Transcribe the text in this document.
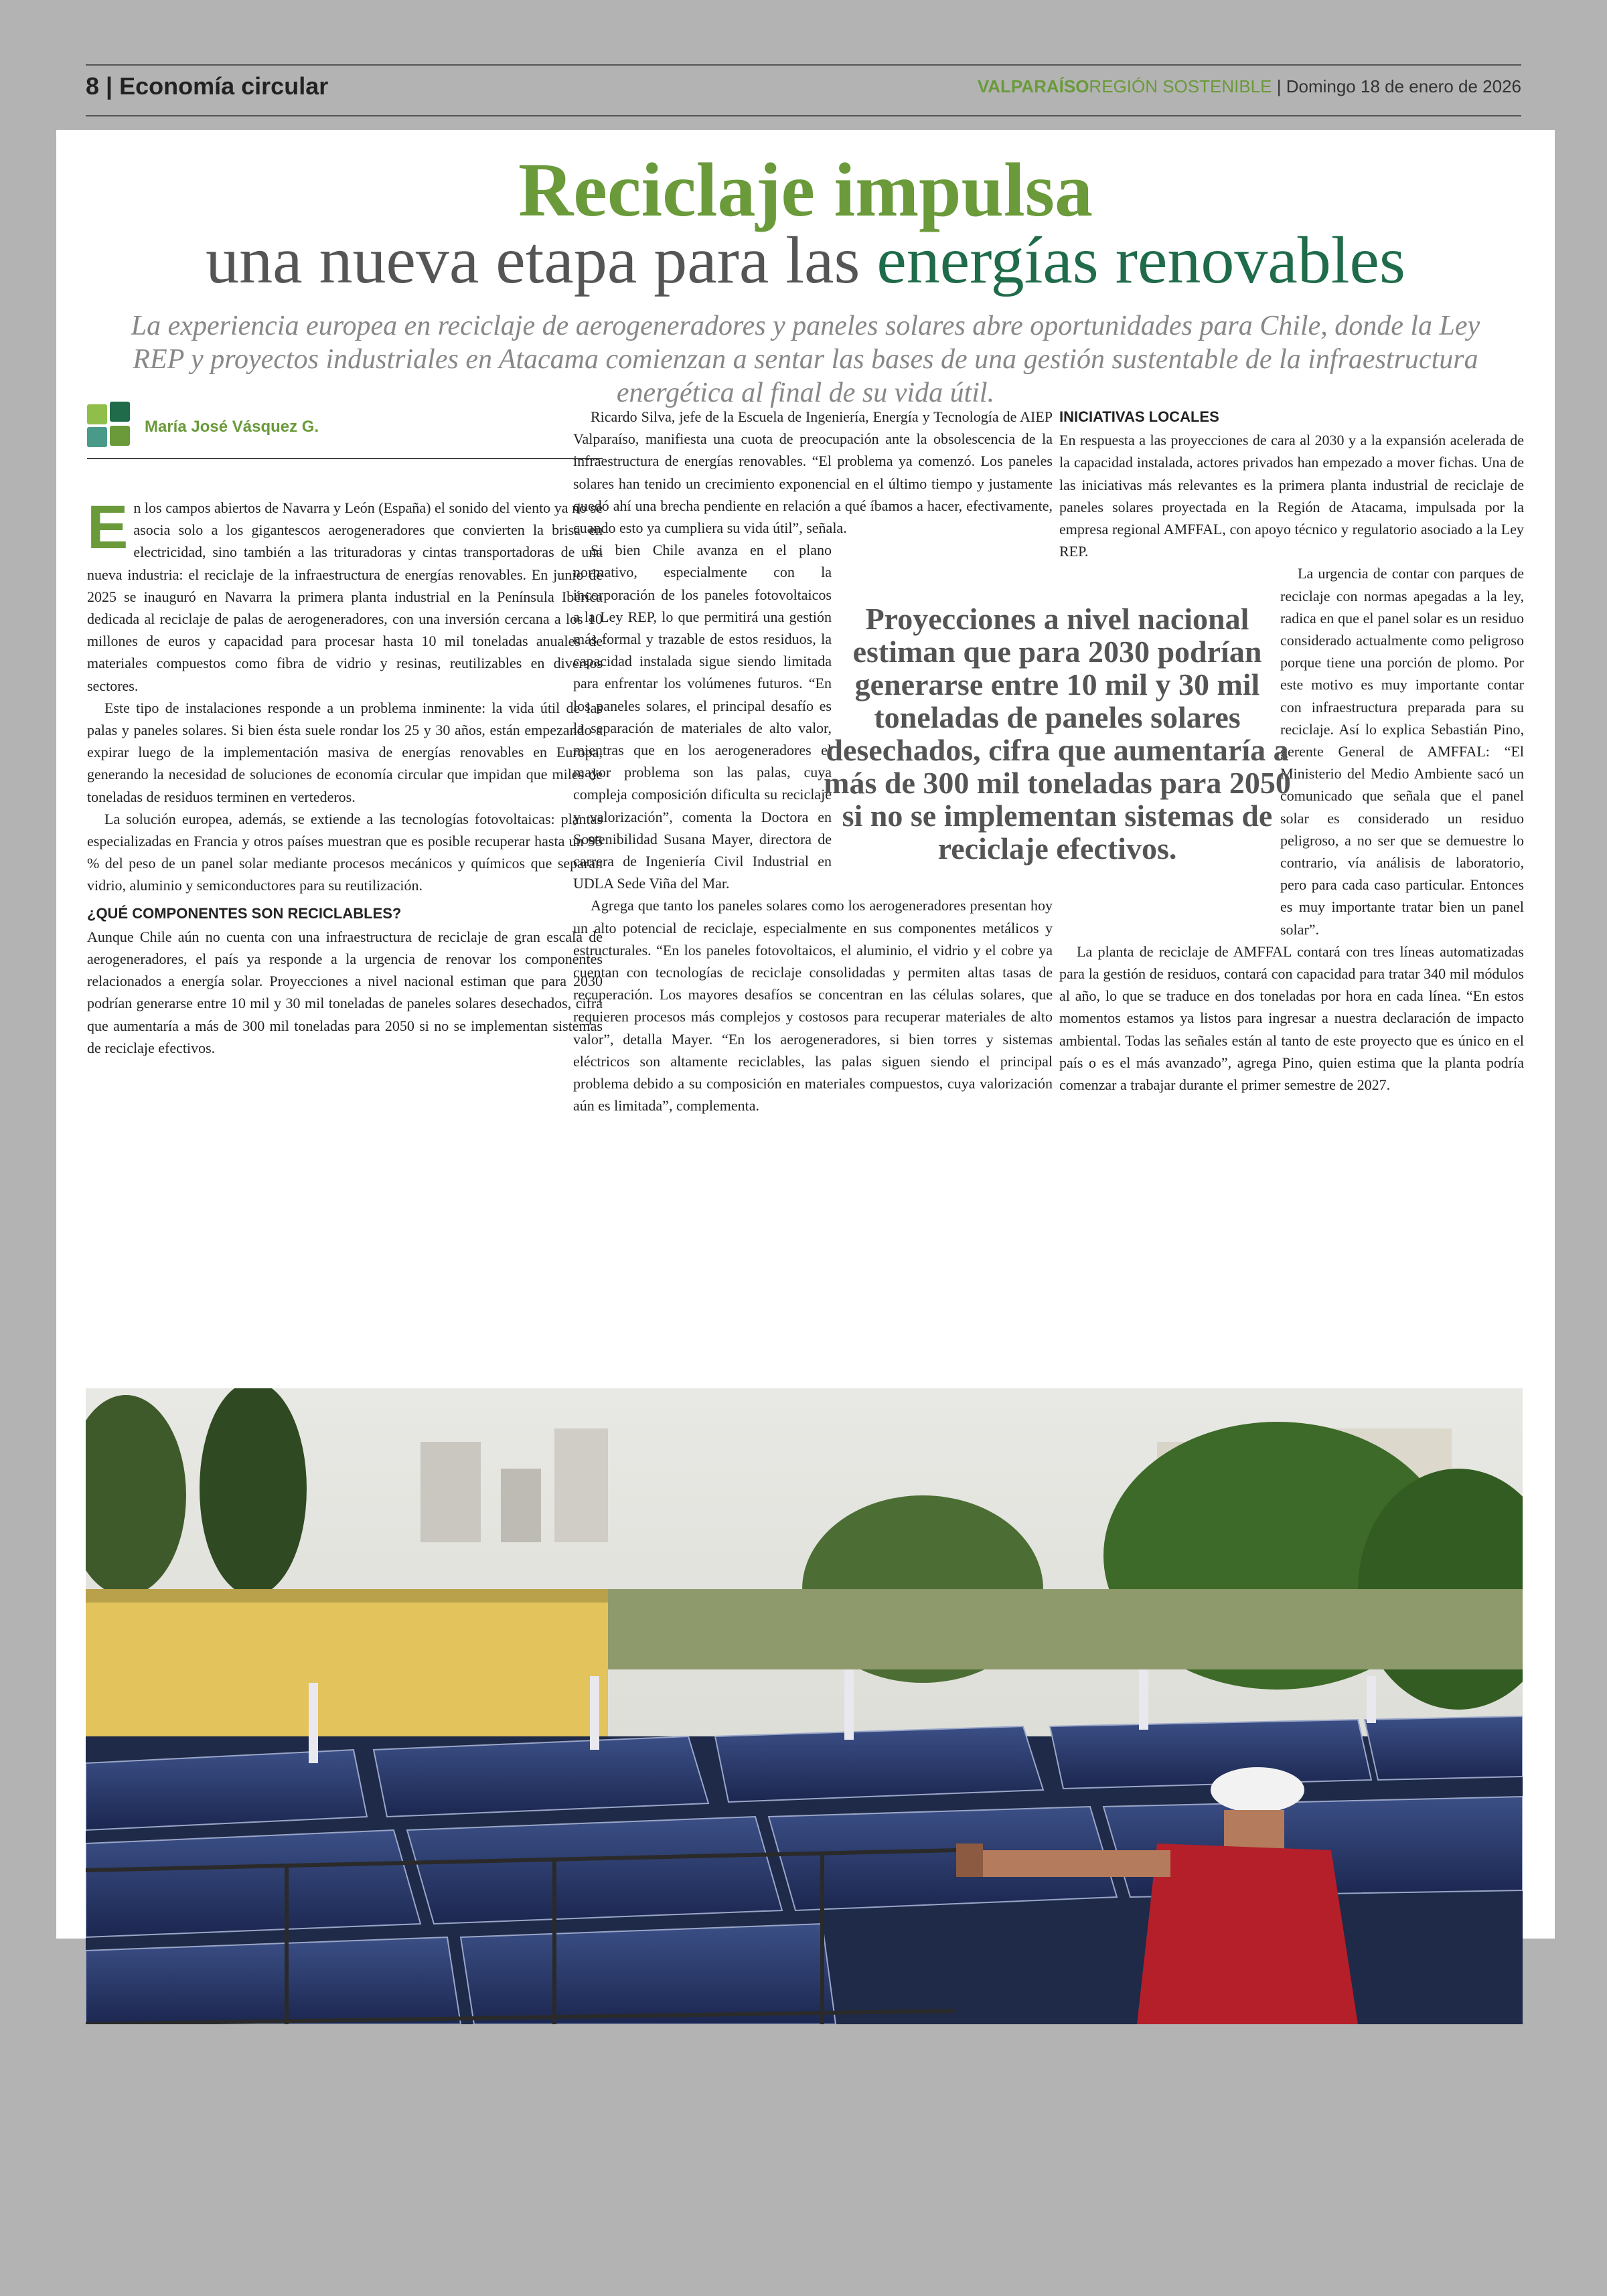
8 | Economía circular	VALPARAÍSOREGIÓN SOSTENIBLE | Domingo 18 de enero de 2026
Reciclaje impulsa
una nueva etapa para las energías renovables
La experiencia europea en reciclaje de aerogeneradores y paneles solares abre oportunidades para Chile, donde la Ley REP y proyectos industriales en Atacama comienzan a sentar las bases de una gestión sustentable de la infraestructura energética al final de su vida útil.
María José Vásquez G.

En los campos abiertos de Navarra y León (España) el sonido del viento ya no se asocia solo a los gigantescos aerogeneradores que convierten la brisa en electricidad, sino también a las trituradoras y cintas transportadoras de una nueva industria: el reciclaje de la infraestructura de energías renovables. En junio de 2025 se inauguró en Navarra la primera planta industrial en la Península Ibérica dedicada al reciclaje de palas de aerogeneradores, con una inversión cercana a los 10 millones de euros y capacidad para procesar hasta 10 mil toneladas anuales de materiales compuestos como fibra de vidrio y resinas, reutilizables en diversos sectores.

Este tipo de instalaciones responde a un problema inminente: la vida útil de las palas y paneles solares. Si bien ésta suele rondar los 25 y 30 años, están empezando a expirar luego de la implementación masiva de energías renovables en Europa, generando la necesidad de soluciones de economía circular que impidan que miles de toneladas de residuos terminen en vertederos.

La solución europea, además, se extiende a las tecnologías fotovoltaicas: plantas especializadas en Francia y otros países muestran que es posible recuperar hasta un 95 % del peso de un panel solar mediante procesos mecánicos y químicos que separan vidrio, aluminio y semiconductores para su reutilización.

¿QUÉ COMPONENTES SON RECICLABLES?

Aunque Chile aún no cuenta con una infraestructura de reciclaje de gran escala de aerogeneradores, el país ya responde a la urgencia de renovar los componentes relacionados a energía solar. Proyecciones a nivel nacional estiman que para 2030 podrían generarse entre 10 mil y 30 mil toneladas de paneles solares desechados, cifra que aumentaría a más de 300 mil toneladas para 2050 si no se implementan sistemas de reciclaje efectivos.

Ricardo Silva, jefe de la Escuela de Ingeniería, Energía y Tecnología de AIEP Valparaíso, manifiesta una cuota de preocupación ante la obsolescencia de la infraestructura de energías renovables. “El problema ya comenzó. Los paneles solares han tenido un crecimiento exponencial en el último tiempo y justamente quedó ahí una brecha pendiente en relación a qué íbamos a hacer, efectivamente, cuando esto ya cumpliera su vida útil”, señala.

Si bien Chile avanza en el plano normativo, especialmente con la incorporación de los paneles fotovoltaicos a la Ley REP, lo que permitirá una gestión más formal y trazable de estos residuos, la capacidad instalada sigue siendo limitada para enfrentar los volúmenes futuros. “En los paneles solares, el principal desafío es la separación de materiales de alto valor, mientras que en los aerogeneradores el mayor problema son las palas, cuya compleja composición dificulta su reciclaje y valorización”, comenta la Doctora en Sostenibilidad Susana Mayer, directora de carrera de Ingeniería Civil Industrial en UDLA Sede Viña del Mar.

Agrega que tanto los paneles solares como los aerogeneradores presentan hoy un alto potencial de reciclaje, especialmente en sus componentes metálicos y estructurales. “En los paneles fotovoltaicos, el aluminio, el vidrio y el cobre ya cuentan con tecnologías de reciclaje consolidadas y permiten altas tasas de recuperación. Los mayores desafíos se concentran en las células solares, que requieren procesos más complejos y costosos para recuperar materiales de alto valor”, detalla Mayer. “En los aerogeneradores, si bien torres y sistemas eléctricos son altamente reciclables, las palas siguen siendo el principal problema debido a su composición en materiales compuestos, cuya valorización aún es limitada”, complementa.

INICIATIVAS LOCALES

En respuesta a las proyecciones de cara al 2030 y a la expansión acelerada de la capacidad instalada, actores privados han empezado a mover fichas. Una de las iniciativas más relevantes es la primera planta industrial de reciclaje de paneles solares proyectada en la Región de Atacama, impulsada por la empresa regional AMFFAL, con apoyo técnico y regulatorio asociado a la Ley REP.

La urgencia de contar con parques de reciclaje con normas apegadas a la ley, radica en que el panel solar es un residuo considerado actualmente como peligroso porque tiene una porción de plomo. Por este motivo es muy importante contar con infraestructura preparada para su reciclaje. Así lo explica Sebastián Pino, gerente General de AMFFAL: “El Ministerio del Medio Ambiente sacó un comunicado que señala que el panel solar es considerado un residuo peligroso, a no ser que se demuestre lo contrario, vía análisis de laboratorio, pero para cada caso particular. Entonces es muy importante tratar bien un panel solar”.

La planta de reciclaje de AMFFAL contará con tres líneas automatizadas para la gestión de residuos, contará con capacidad para tratar 340 mil módulos al año, lo que se traduce en dos toneladas por hora en cada línea. “En estos momentos estamos ya listos para ingresar a nuestra declaración de impacto ambiental. Todas las señales están al tanto de este proyecto que es único en el país o es el más avanzado”, agrega Pino, quien estima que la planta podría comenzar a trabajar durante el primer semestre de 2027.

Proyecciones a nivel nacional estiman que para 2030 podrían generarse entre 10 mil y 30 mil toneladas de paneles solares desechados, cifra que aumentaría a más de 300 mil toneladas para 2050 si no se implementan sistemas de reciclaje efectivos.
